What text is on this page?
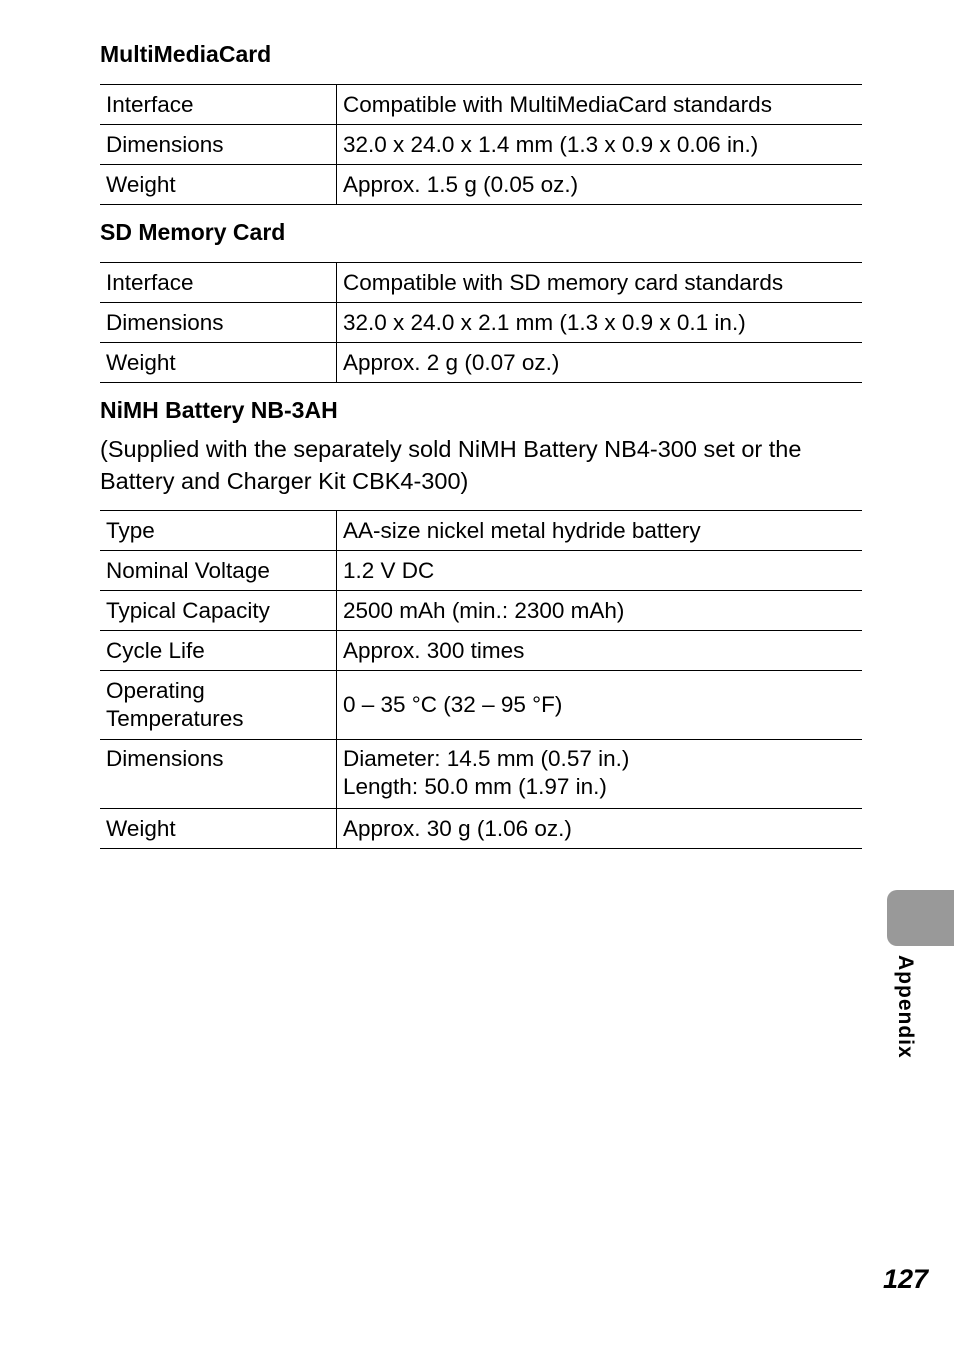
MultiMediaCard
Interface	Compatible with MultiMediaCard standards
Dimensions	32.0 x 24.0 x 1.4 mm (1.3 x 0.9 x 0.06 in.)
Weight	Approx. 1.5 g (0.05 oz.)
SD Memory Card
Interface	Compatible with SD memory card standards
Dimensions	32.0 x 24.0 x 2.1 mm (1.3 x 0.9 x 0.1 in.)
Weight	Approx. 2 g (0.07 oz.)
NiMH Battery NB-3AH

(Supplied with the separately sold NiMH Battery NB4-300 set or the
Battery and Charger Kit CBK4-300)

Type	AA-size nickel metal hydride battery
Nominal Voltage	1.2 V DC
Typical Capacity	2500 mAh (min.: 2300 mAh)
Cycle Life	Approx. 300 times

Operating
Temperatures	0 – 35 °C (32 – 95 °F)
Dimensions	Diameter: 14.5 mm (0.57 in.)
Length: 50.0 mm (1.97 in.)

Weight	Approx. 30 g (1.06 oz.)
Appendix
127
